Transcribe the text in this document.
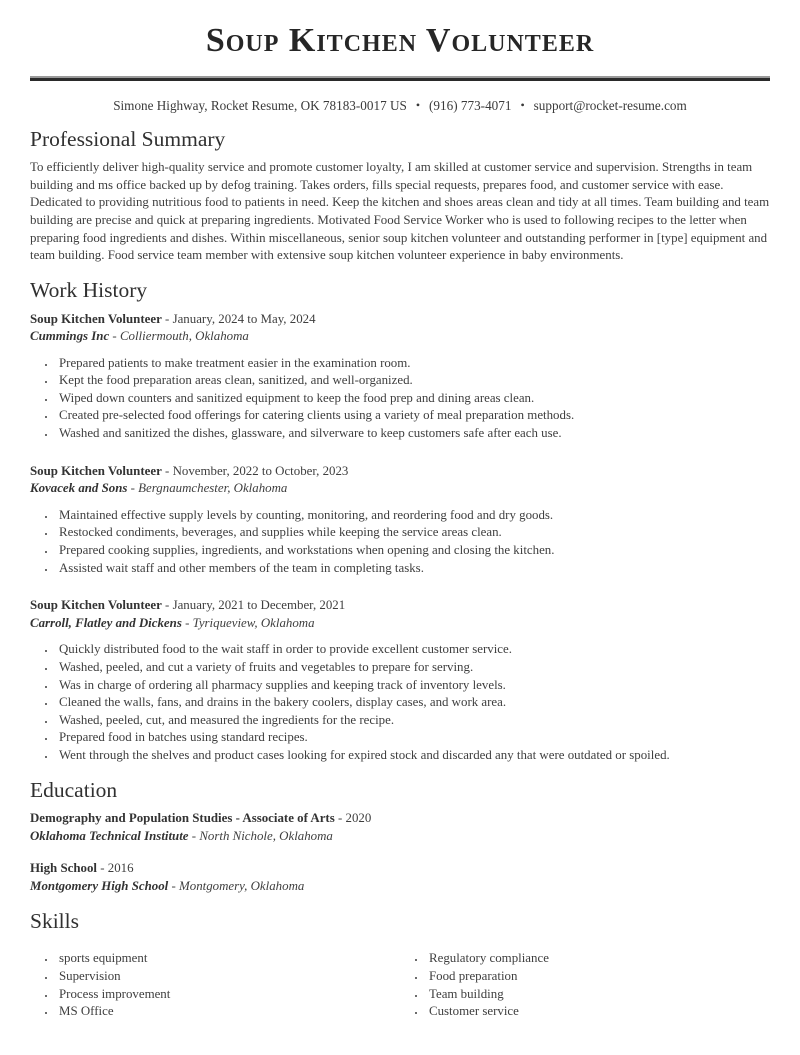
Soup Kitchen Volunteer
Simone Highway, Rocket Resume, OK 78183-0017 US • (916) 773-4071 • support@rocket-resume.com
Professional Summary

To efficiently deliver high-quality service and promote customer loyalty, I am skilled at customer service and supervision. Strengths in team building and ms office backed up by defog training. Takes orders, fills special requests, prepares food, and customer service with ease. Dedicated to providing nutritious food to patients in need. Keep the kitchen and shoes areas clean and tidy at all times. Team building and team building are precise and quick at preparing ingredients. Motivated Food Service Worker who is used to following recipes to the letter when preparing food ingredients and dishes. Within miscellaneous, senior soup kitchen volunteer and outstanding performer in [type] equipment and team building. Food service team member with extensive soup kitchen volunteer experience in baby environments.

Work History

Soup Kitchen Volunteer - January, 2024 to May, 2024

Cummings Inc - Colliermouth, Oklahoma

• Prepared patients to make treatment easier in the examination room.
• Kept the food preparation areas clean, sanitized, and well-organized.
• Wiped down counters and sanitized equipment to keep the food prep and dining areas clean.
• Created pre-selected food offerings for catering clients using a variety of meal preparation methods.
• Washed and sanitized the dishes, glassware, and silverware to keep customers safe after each use.

Soup Kitchen Volunteer - November, 2022 to October, 2023

Kovacek and Sons - Bergnaumchester, Oklahoma

• Maintained effective supply levels by counting, monitoring, and reordering food and dry goods.
• Restocked condiments, beverages, and supplies while keeping the service areas clean.
• Prepared cooking supplies, ingredients, and workstations when opening and closing the kitchen.
• Assisted wait staff and other members of the team in completing tasks.

Soup Kitchen Volunteer - January, 2021 to December, 2021

Carroll, Flatley and Dickens - Tyriqueview, Oklahoma

• Quickly distributed food to the wait staff in order to provide excellent customer service.
• Washed, peeled, and cut a variety of fruits and vegetables to prepare for serving.
• Was in charge of ordering all pharmacy supplies and keeping track of inventory levels.
• Cleaned the walls, fans, and drains in the bakery coolers, display cases, and work area.
• Washed, peeled, cut, and measured the ingredients for the recipe.
• Prepared food in batches using standard recipes.
• Went through the shelves and product cases looking for expired stock and discarded any that were outdated or spoiled.
Education

Demography and Population Studies - Associate of Arts - 2020

Oklahoma Technical Institute - North Nichole, Oklahoma

High School - 2016

Montgomery High School - Montgomery, Oklahoma

Skills
• sports equipment
• Supervision
• Process improvement
• MS Office
• Regulatory compliance
• Food preparation
• Team building
• Customer service
